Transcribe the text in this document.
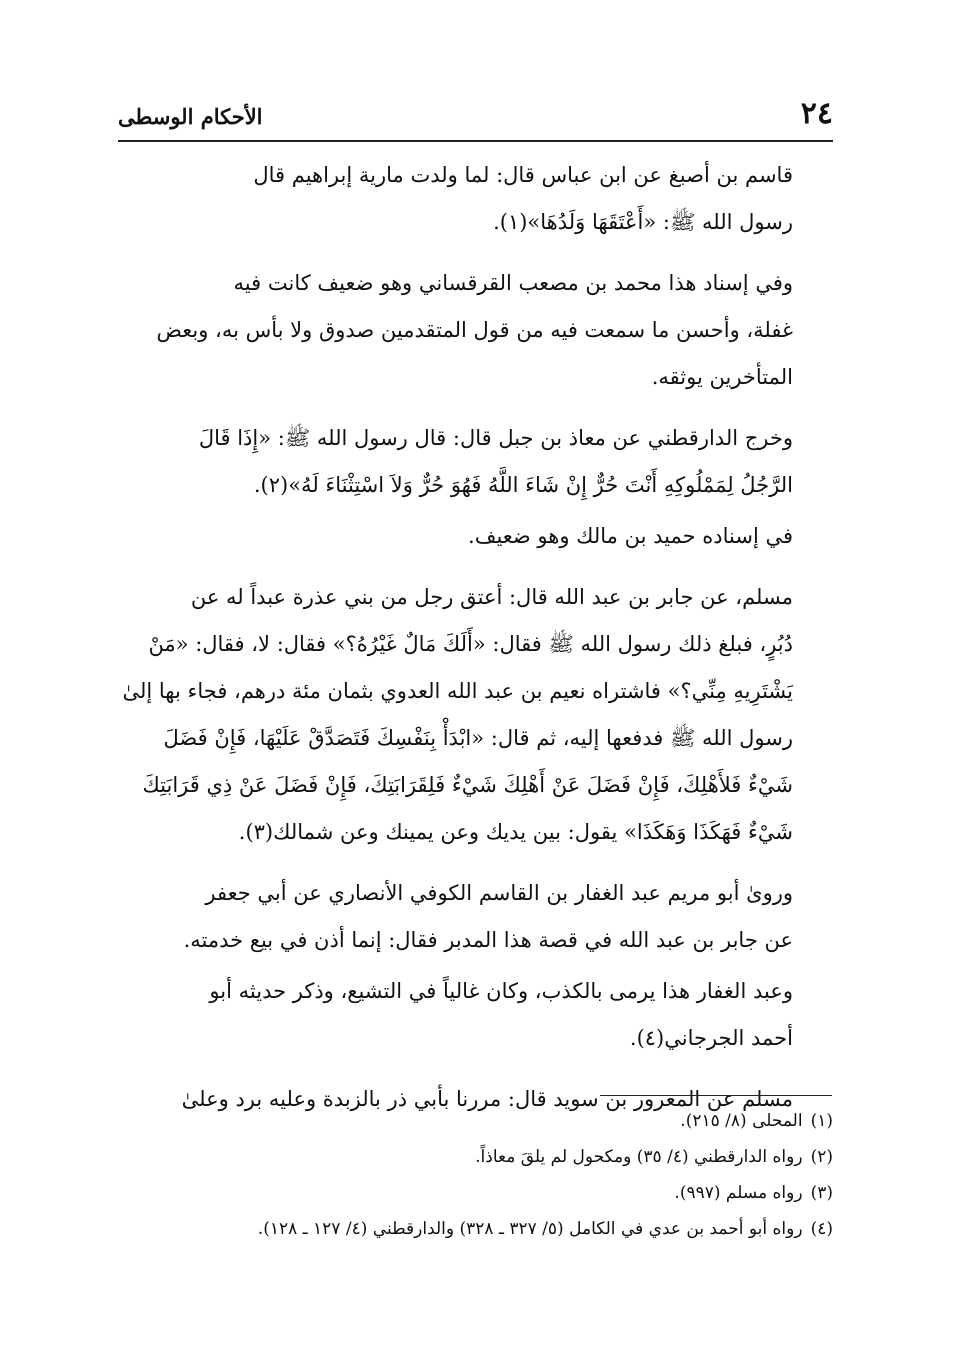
٢٤
الأحكام الوسطى

قاسم بن أصبغ عن ابن عباس قال: لما ولدت مارية إبراهيم قال
رسول الله ﷺ: «أَعْتَقَهَا وَلَدُهَا»(١).

وفي إسناد هذا محمد بن مصعب القرقساني وهو ضعيف كانت فيه
غفلة، وأحسن ما سمعت فيه من قول المتقدمين صدوق ولا بأس به، وبعض
المتأخرين يوثقه.

وخرج الدارقطني عن معاذ بن جبل قال: قال رسول الله ﷺ: «إِذَا قَالَ
الرَّجُلُ لِمَمْلُوكِهِ أَنْتَ حُرٌّ إِنْ شَاءَ اللَّهُ فَهُوَ حُرٌّ وَلاَ اسْتِثْنَاءَ لَهُ»(٢).

في إسناده حميد بن مالك وهو ضعيف.

مسلم، عن جابر بن عبد الله قال: أعتق رجل من بني عذرة عبداً له عن
دُبُرٍ، فبلغ ذلك رسول الله ﷺ فقال: «أَلَكَ مَالٌ غَيْرُهُ؟» فقال: لا، فقال: «مَنْ
يَشْتَرِيهِ مِنِّي؟» فاشتراه نعيم بن عبد الله العدوي بثمان مئة درهم، فجاء بها إلىٰ
رسول الله ﷺ فدفعها إليه، ثم قال: «ابْدَأْ بِنَفْسِكَ فَتَصَدَّقْ عَلَيْهَا، فَإِنْ فَضَلَ
شَيْءٌ فَلأَهْلِكَ، فَإِنْ فَضَلَ عَنْ أَهْلِكَ شَيْءٌ فَلِقَرَابَتِكَ، فَإِنْ فَضَلَ عَنْ ذِي قَرَابَتِكَ
شَيْءٌ فَهَكَذَا وَهَكَذَا» يقول: بين يديك وعن يمينك وعن شمالك(٣).

وروىٰ أبو مريم عبد الغفار بن القاسم الكوفي الأنصاري عن أبي جعفر
عن جابر بن عبد الله في قصة هذا المدبر فقال: إنما أذن في بيع خدمته.

وعبد الغفار هذا يرمى بالكذب، وكان غالياً في التشيع، وذكر حديثه أبو
أحمد الجرجاني(٤).

مسلم عن المعرور بن سويد قال: مررنا بأبي ذر بالزبدة وعليه برد وعلىٰ

(١)
المحلى (٨/ ٢١٥).
(٢)
رواه الدارقطني (٤/ ٣٥) ومكحول لم يلقَ معاذاً.
(٣)
رواه مسلم (٩٩٧).
(٤)
رواه أبو أحمد بن عدي في الكامل (٥/ ٣٢٧ ـ ٣٢٨) والدارقطني (٤/ ١٢٧ ـ ١٢٨).
